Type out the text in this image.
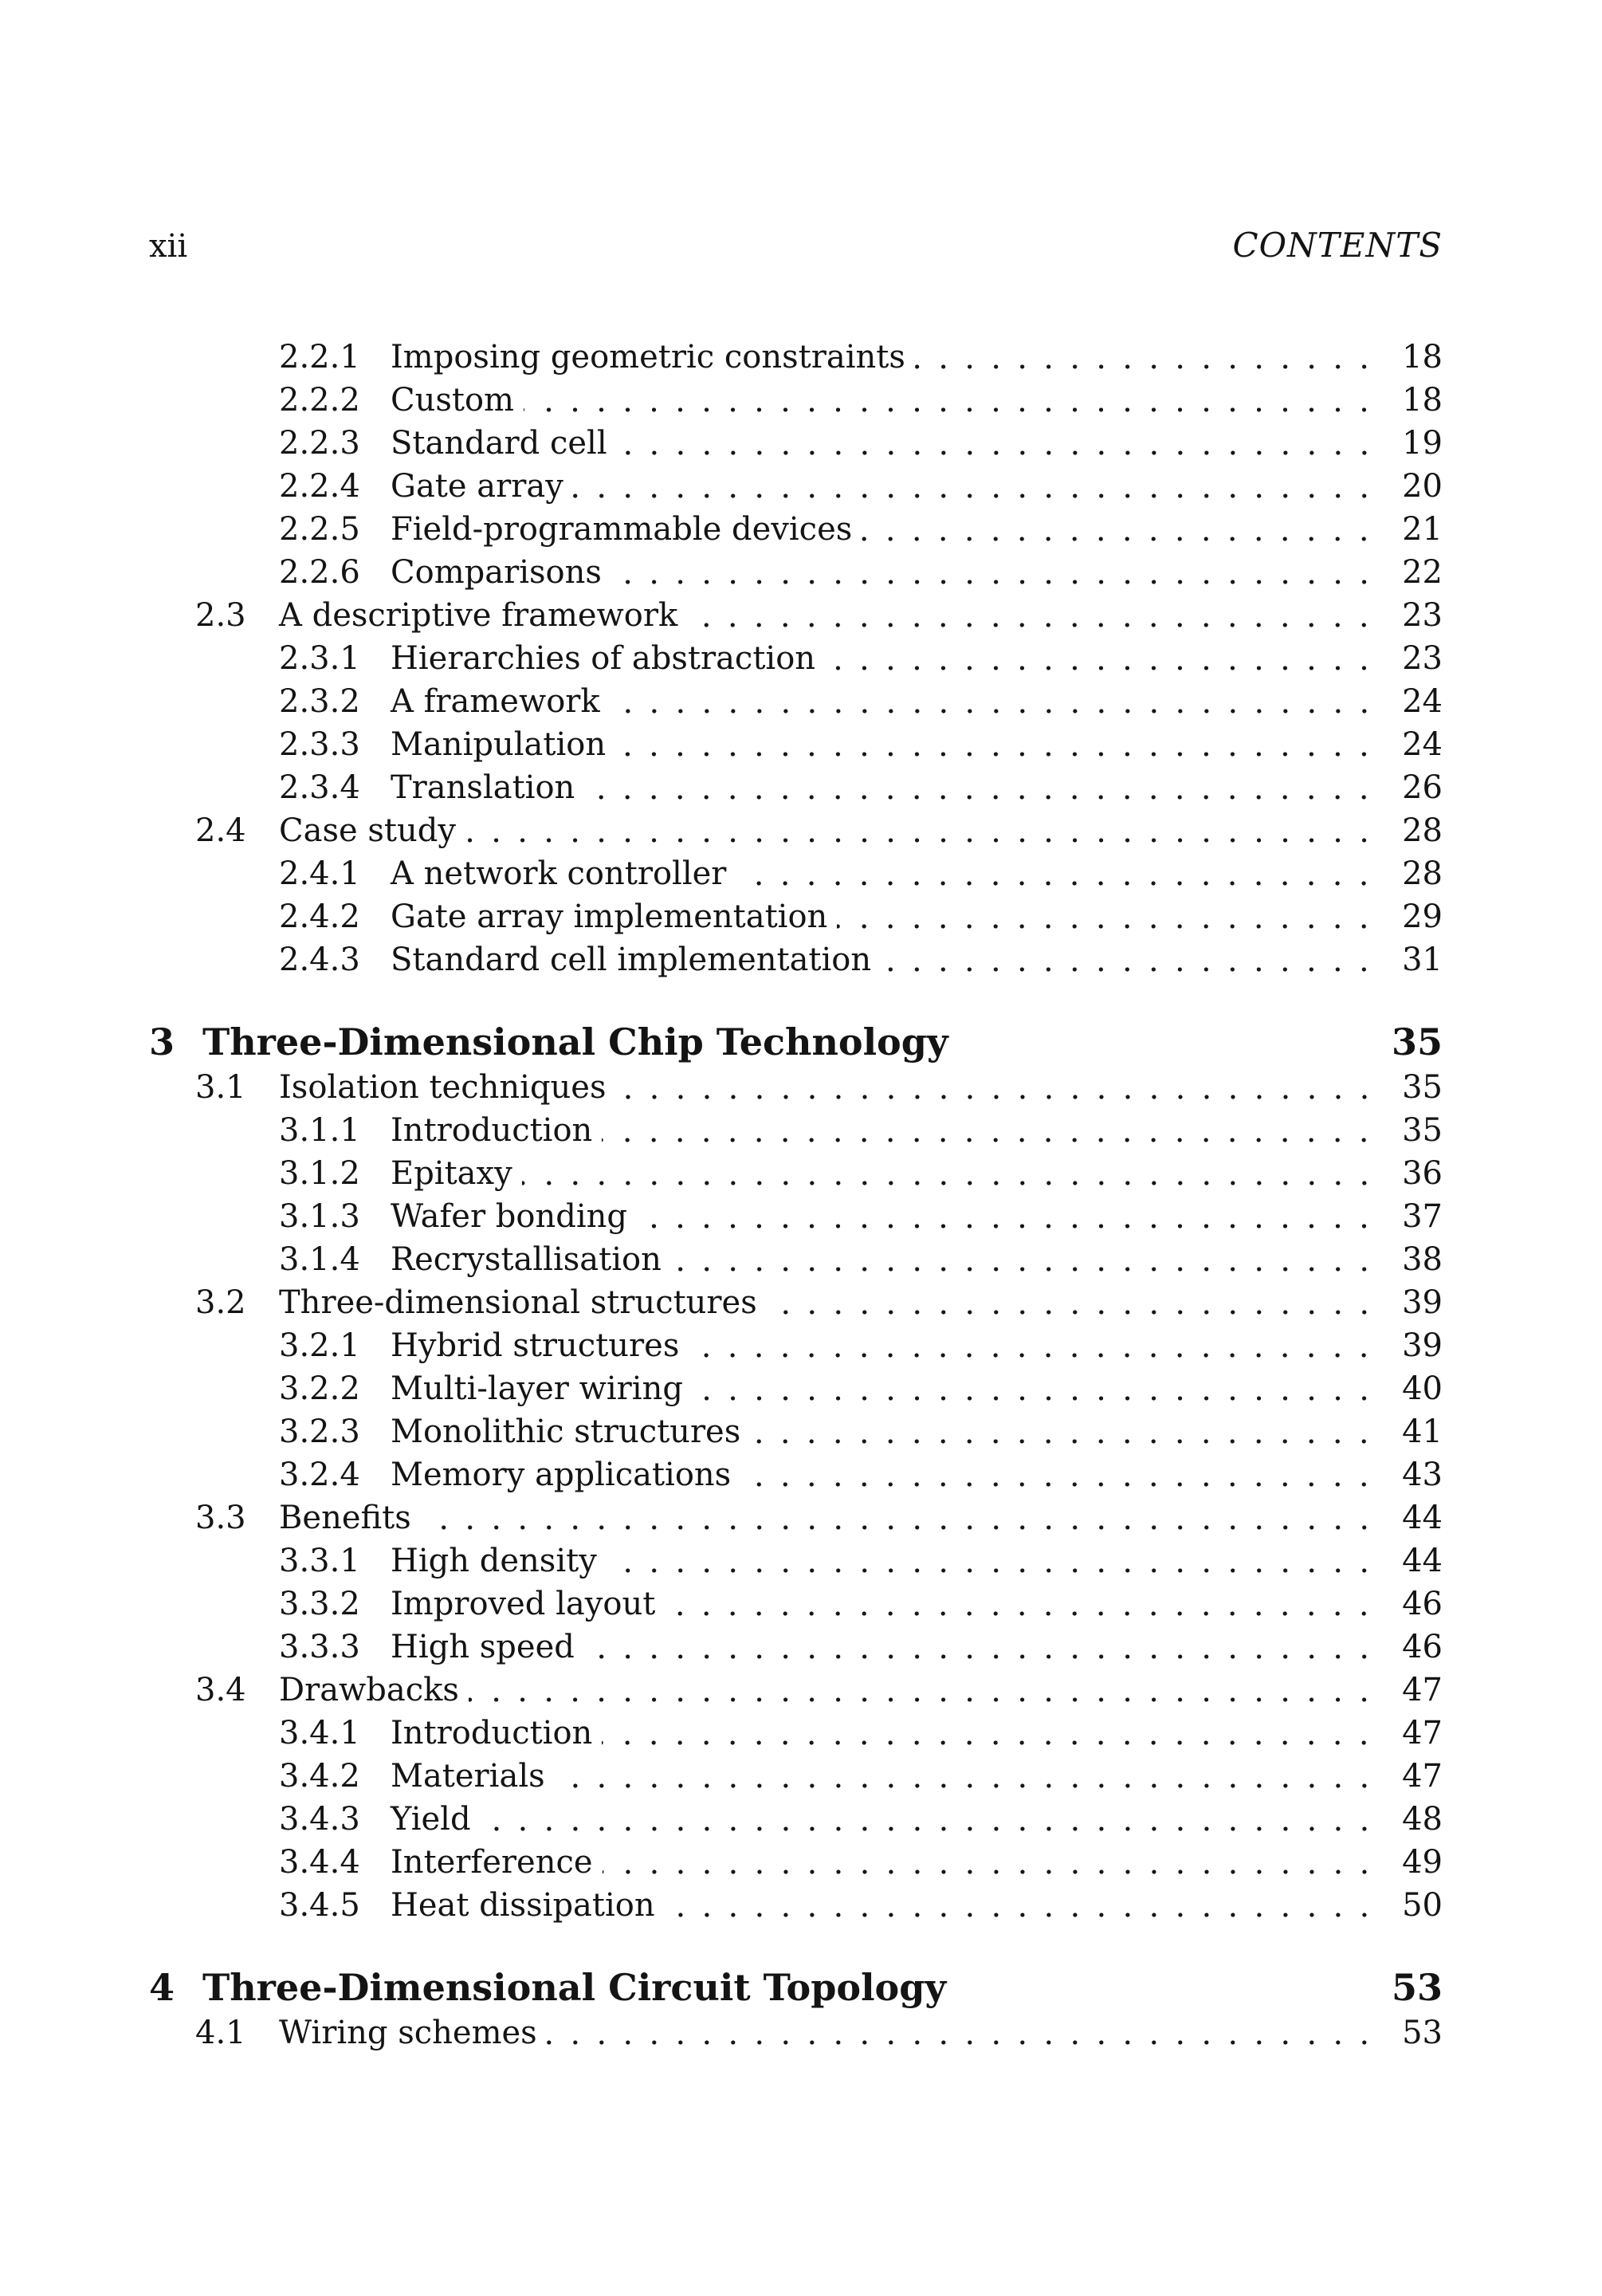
xii	CONTENTS
2.2.1 Imposing geometric constraints	18
2.2.2 Custom	18
2.2.3 Standard cell	19
2.2.4 Gate array	20
2.2.5 Field-programmable devices	21
2.2.6 Comparisons	22
2.3	A descriptive framework	23
2.3.1 Hierarchies of abstraction	23
2.3.2 A framework	24
2.3.3 Manipulation	24
2.3.4 Translation	26
2.4	Case study	28
2.4.1 A network controller	28
2.4.2 Gate array implementation	29
2.4.3 Standard cell implementation	31
3 Three-Dimensional Chip Technology	35
3.1	Isolation techniques	35
3.1.1 Introduction	35
3.1.2 Epitaxy	36
3.1.3 Wafer bonding	37
3.1.4 Recrystallisation	38
3.2	Three-dimensional structures	39
3.2.1 Hybrid structures	39
3.2.2 Multi-layer wiring	40
3.2.3 Monolithic structures	41
3.2.4 Memory applications	43
3.3	Benefits	44
3.3.1 High density	44
3.3.2 Improved layout	46
3.3.3 High speed	46
3.4	Drawbacks	47
3.4.1 Introduction	47
3.4.2 Materials	47
3.4.3 Yield	48
3.4.4 Interference	49
3.4.5 Heat dissipation	50
4 Three-Dimensional Circuit Topology	53
4.1	Wiring schemes	53
